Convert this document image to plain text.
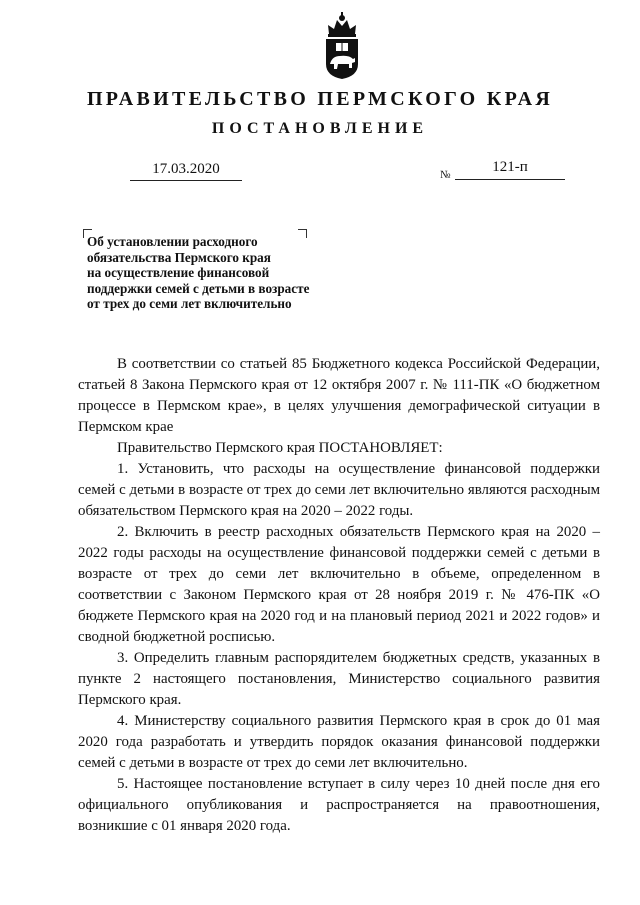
ПРАВИТЕЛЬСТВО ПЕРМСКОГО КРАЯ
ПОСТАНОВЛЕНИЕ
17.03.2020	№	121-п
Об установлении расходного
обязательства Пермского края
на осуществление финансовой
поддержки семей с детьми в возрасте
от трех до семи лет включительно

В соответствии со статьей 85 Бюджетного кодекса Российской Федерации, статьей 8 Закона Пермского края от 12 октября 2007 г. № 111-ПК «О бюджетном процессе в Пермском крае», в целях улучшения демографической ситуации в Пермском крае

Правительство Пермского края ПОСТАНОВЛЯЕТ:

1. Установить, что расходы на осуществление финансовой поддержки семей с детьми в возрасте от трех до семи лет включительно являются расходным обязательством Пермского края на 2020 – 2022 годы.

2. Включить в реестр расходных обязательств Пермского края на 2020 – 2022 годы расходы на осуществление финансовой поддержки семей с детьми в возрасте от трех до семи лет включительно в объеме, определенном в соответствии с Законом Пермского края от 28 ноября 2019 г. № 476-ПК «О бюджете Пермского края на 2020 год и на плановый период 2021 и 2022 годов» и сводной бюджетной росписью.

3. Определить главным распорядителем бюджетных средств, указанных в пункте 2 настоящего постановления, Министерство социального развития Пермского края.

4. Министерству социального развития Пермского края в срок до 01 мая 2020 года разработать и утвердить порядок оказания финансовой поддержки семей с детьми в возрасте от трех до семи лет включительно.

5. Настоящее постановление вступает в силу через 10 дней после дня его официального опубликования и распространяется на правоотношения, возникшие с 01 января 2020 года.
